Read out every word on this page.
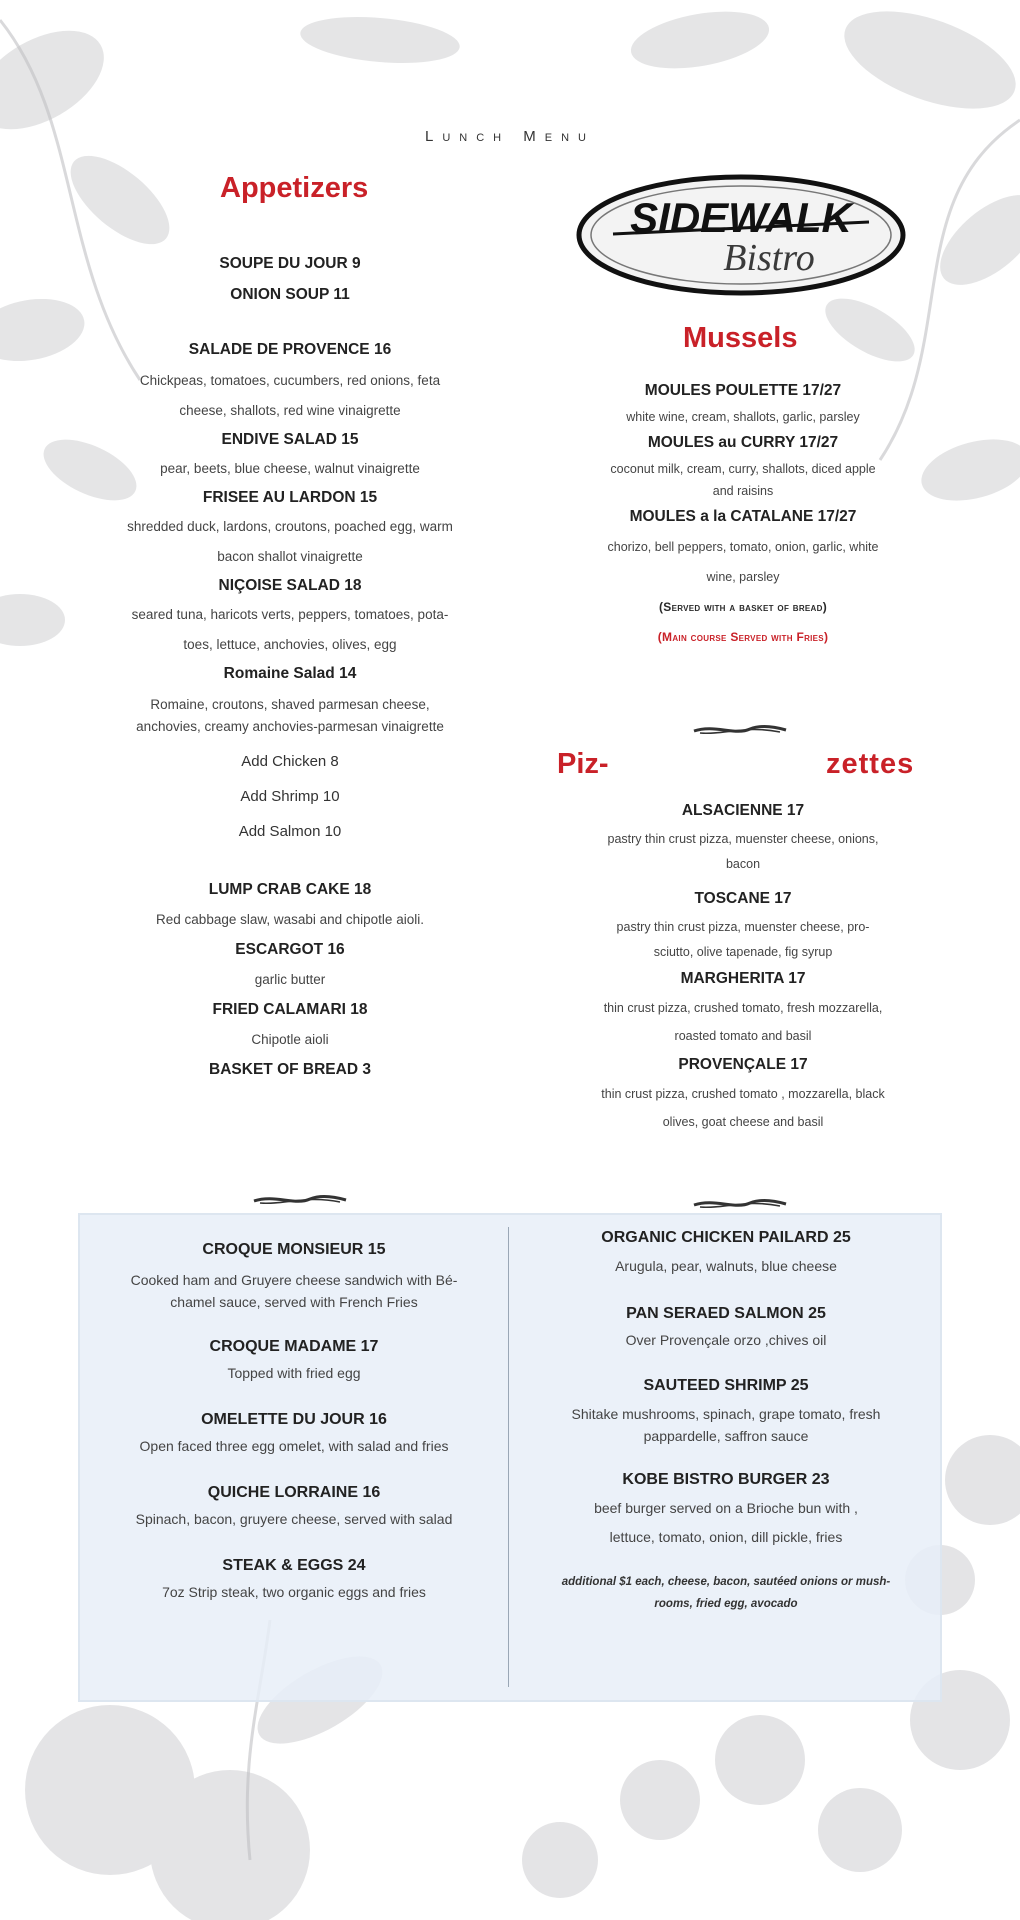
Lunch Menu
SIDEWALK
Bistro
Appetizers

SOUPE DU JOUR 9

ONION SOUP 11

SALADE DE PROVENCE 16

Chickpeas, tomatoes, cucumbers, red onions, feta

cheese, shallots, red wine vinaigrette

ENDIVE SALAD 15

pear, beets, blue cheese, walnut vinaigrette

FRISEE AU LARDON 15

shredded duck, lardons, croutons, poached egg, warm

bacon shallot vinaigrette

NIÇOISE SALAD 18

seared tuna, haricots verts, peppers, tomatoes, pota-

toes, lettuce, anchovies, olives, egg

Romaine Salad 14

Romaine, croutons, shaved parmesan cheese,

anchovies, creamy anchovies-parmesan vinaigrette

Add Chicken 8
Add Shrimp 10
Add Salmon 10

LUMP CRAB CAKE 18

Red cabbage slaw, wasabi and chipotle aioli.

ESCARGOT 16

garlic butter

FRIED CALAMARI 18

Chipotle aioli

BASKET OF BREAD 3

Mussels

MOULES POULETTE 17/27

white wine, cream, shallots, garlic, parsley

MOULES au CURRY 17/27

coconut milk, cream, curry, shallots, diced apple

and raisins

MOULES a la CATALANE 17/27

chorizo, bell peppers, tomato, onion, garlic, white

wine, parsley

(Served with a basket of bread)

(Main course Served with Fries)

Piz-	zettes

ALSACIENNE 17

pastry thin crust pizza, muenster cheese, onions,

bacon

TOSCANE 17

pastry thin crust pizza, muenster cheese, pro-

sciutto, olive tapenade, fig syrup

MARGHERITA 17

thin crust pizza, crushed tomato, fresh mozzarella,

roasted tomato and basil

PROVENÇALE 17

thin crust pizza, crushed tomato , mozzarella, black

olives, goat cheese and basil

CROQUE MONSIEUR 15

Cooked ham and Gruyere cheese sandwich with Bé-

chamel sauce, served with French Fries

CROQUE MADAME 17

Topped with fried egg

OMELETTE DU JOUR 16

Open faced three egg omelet, with salad and fries

QUICHE LORRAINE 16

Spinach, bacon, gruyere cheese, served with salad

STEAK & EGGS 24

7oz Strip steak, two organic eggs and fries

ORGANIC CHICKEN PAILARD 25

Arugula, pear, walnuts, blue cheese

PAN SERAED SALMON 25

Over Provençale orzo ,chives oil

SAUTEED SHRIMP 25

Shitake mushrooms, spinach, grape tomato, fresh

pappardelle, saffron sauce

KOBE BISTRO BURGER 23

beef burger served on a Brioche bun with ,

lettuce, tomato, onion, dill pickle, fries

additional $1 each, cheese, bacon, sautéed onions or mush-

rooms, fried egg, avocado
